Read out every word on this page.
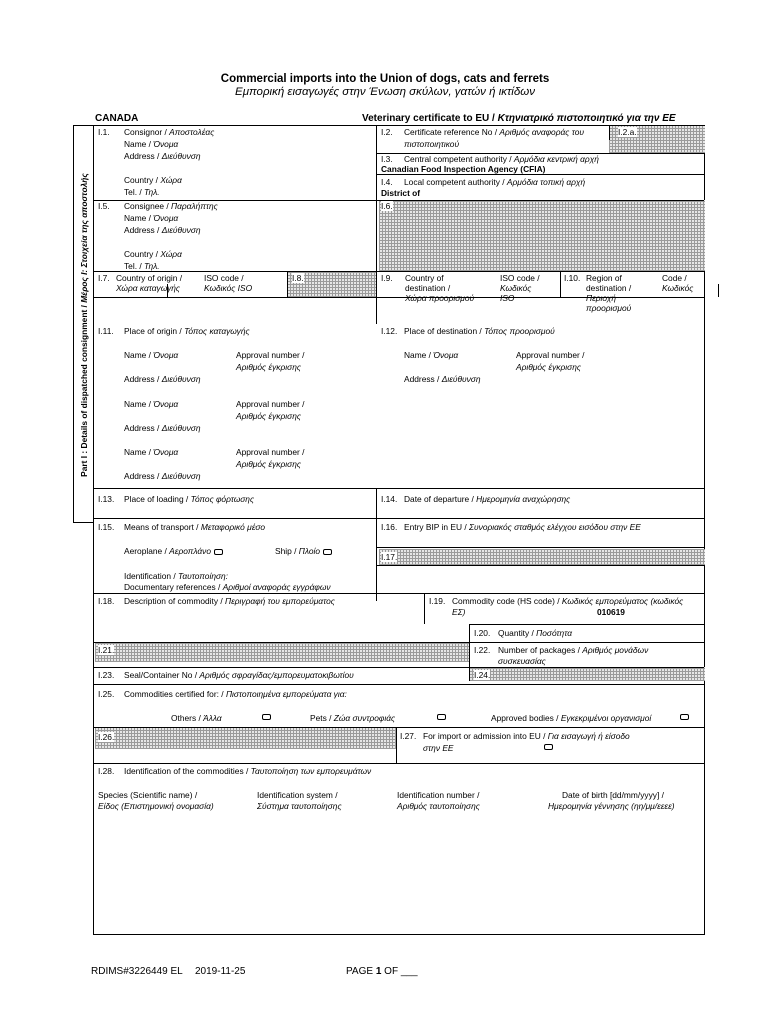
Commercial imports into the Union of dogs, cats and ferrets
Εμπορική εισαγωγές στην Ένωση σκύλων, γατών ή ικτίδων
CANADA	Veterinary certificate to EU / Κτηνιατρικό πιστοποιητικό για την ΕΕ
Part I : Details of dispatched consignment / Μέρος I: Στοιχεία της αποστολής
I.1. Consignor / Αποστολέας
Name / Όνομα
Address / Διεύθυνση
Country / Χώρα
Tel. / Τηλ.
I.2. Certificate reference No / Αριθμός αναφοράς του
πιστοποιητικού
I.2.a.
I.3. Central competent authority / Αρμόδια κεντρική αρχή
Canadian Food Inspection Agency (CFIA)
I.4. Local competent authority / Αρμόδια τοπική αρχή
District of
I.5. Consignee / Παραλήπτης
Name / Όνομα
Address / Διεύθυνση
Country / Χώρα
Tel. / Τηλ.
I.6.
I.7. Country of origin /
Χώρα καταγωγής
ISO code /
Κωδικός ISO
I.8.	I.9. Country of
destination /
Χώρα προορισμού
ISO code /
Κωδικός
ISO
I.10. Region of
destination /
Περιοχή
προορισμού
Code /
Κωδικός
I.11. Place of origin / Τόπος καταγωγής
Name / Όνομα	Approval number /
Αριθμός έγκρισης
Address / Διεύθυνση
Name / Όνομα	Approval number /
Αριθμός έγκρισης
Address / Διεύθυνση
Name / Όνομα	Approval number /
Αριθμός έγκρισης
Address / Διεύθυνση
I.12. Place of destination / Τόπος προορισμού
Name / Όνομα	Approval number /
Αριθμός έγκρισης
Address / Διεύθυνση
I.13. Place of loading / Τόπος φόρτωσης	I.14. Date of departure / Ημερομηνία αναχώρησης
I.15. Means of transport / Μεταφορικό μέσο
Aeroplane / Αεροπλάνο	Ship / Πλοίο
Identification / Ταυτοποίηση:
Documentary references / Αριθμοί αναφοράς εγγράφων
I.16. Entry BIP in EU / Συνοριακός σταθμός ελέγχου εισόδου στην ΕΕ
I.17.
I.18. Description of commodity / Περιγραφή του εμπορεύματος	I.19. Commodity code (HS code) / Κωδικός εμπορεύματος (κωδικός
ΕΣ)	010619
I.20. Quantity / Ποσότητα
I.21.	I.22. Number of packages / Αριθμός μονάδων
συσκευασίας
I.23. Seal/Container No / Αριθμός σφραγίδας/εμπορευματοκιβωτίου	I.24.
I.25. Commodities certified for: / Πιστοποιημένα εμπορεύματα για:
Others / Άλλα	Pets / Ζώα συντροφιάς	Approved bodies / Εγκεκριμένοι οργανισμοί
I.26.	I.27. For import or admission into EU / Για εισαγωγή ή είσοδο
στην ΕΕ
I.28. Identification of the commodities / Ταυτοποίηση των εμπορευμάτων
Species (Scientific name) /
Είδος (Επιστημονική ονομασία)
Identification system /
Σύστημα ταυτοποίησης
Identification number /
Αριθμός ταυτοποίησης
Date of birth [dd/mm/yyyy] /
Ημερομηνία γέννησης (ηη/μμ/εεεε)
RDIMS#3226449 EL 2019-11-25	PAGE 1 OF ___
